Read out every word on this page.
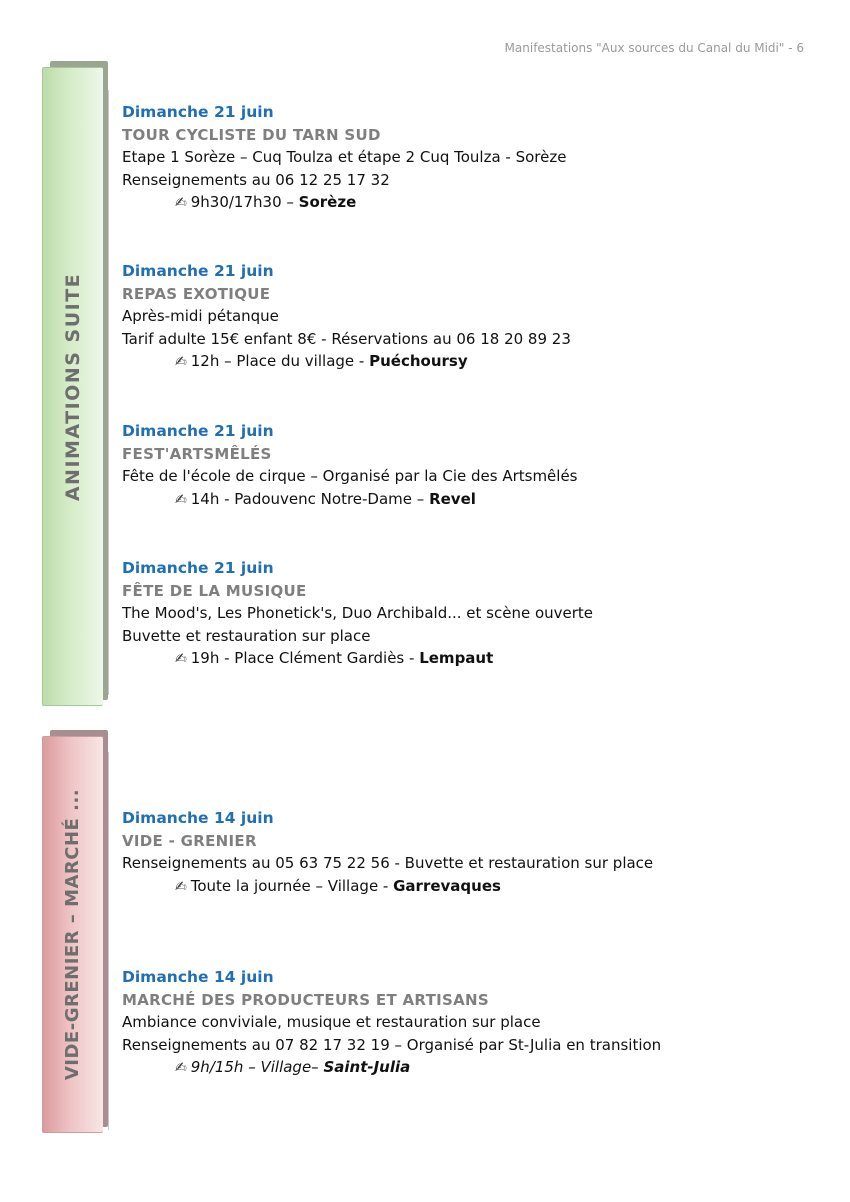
Manifestations "Aux sources du Canal du Midi" - 6
ANIMATIONS SUITE
VIDE-GRENIER – MARCHÉ ...
Dimanche 21 juin
TOUR CYCLISTE DU TARN SUD
Etape 1 Sorèze – Cuq Toulza et étape 2 Cuq Toulza - Sorèze
Renseignements au 06 12 25 17 32
✍ 9h30/17h30 – Sorèze
Dimanche 21 juin
REPAS EXOTIQUE
Après-midi pétanque
Tarif adulte 15€ enfant 8€ - Réservations au 06 18 20 89 23
✍ 12h – Place du village - Puéchoursy
Dimanche 21 juin
FEST'ARTSMÊLÉS
Fête de l'école de cirque – Organisé par la Cie des Artsmêlés
✍ 14h - Padouvenc Notre-Dame – Revel
Dimanche 21 juin
FÊTE DE LA MUSIQUE
The Mood's, Les Phonetick's, Duo Archibald... et scène ouverte
Buvette et restauration sur place
✍ 19h - Place Clément Gardiès - Lempaut
Dimanche 14 juin
VIDE - GRENIER
Renseignements au 05 63 75 22 56 - Buvette et restauration sur place
✍ Toute la journée – Village - Garrevaques
Dimanche 14 juin
MARCHÉ DES PRODUCTEURS ET ARTISANS
Ambiance conviviale, musique et restauration sur place
Renseignements au 07 82 17 32 19 – Organisé par St-Julia en transition
✍ 9h/15h – Village– Saint-Julia
